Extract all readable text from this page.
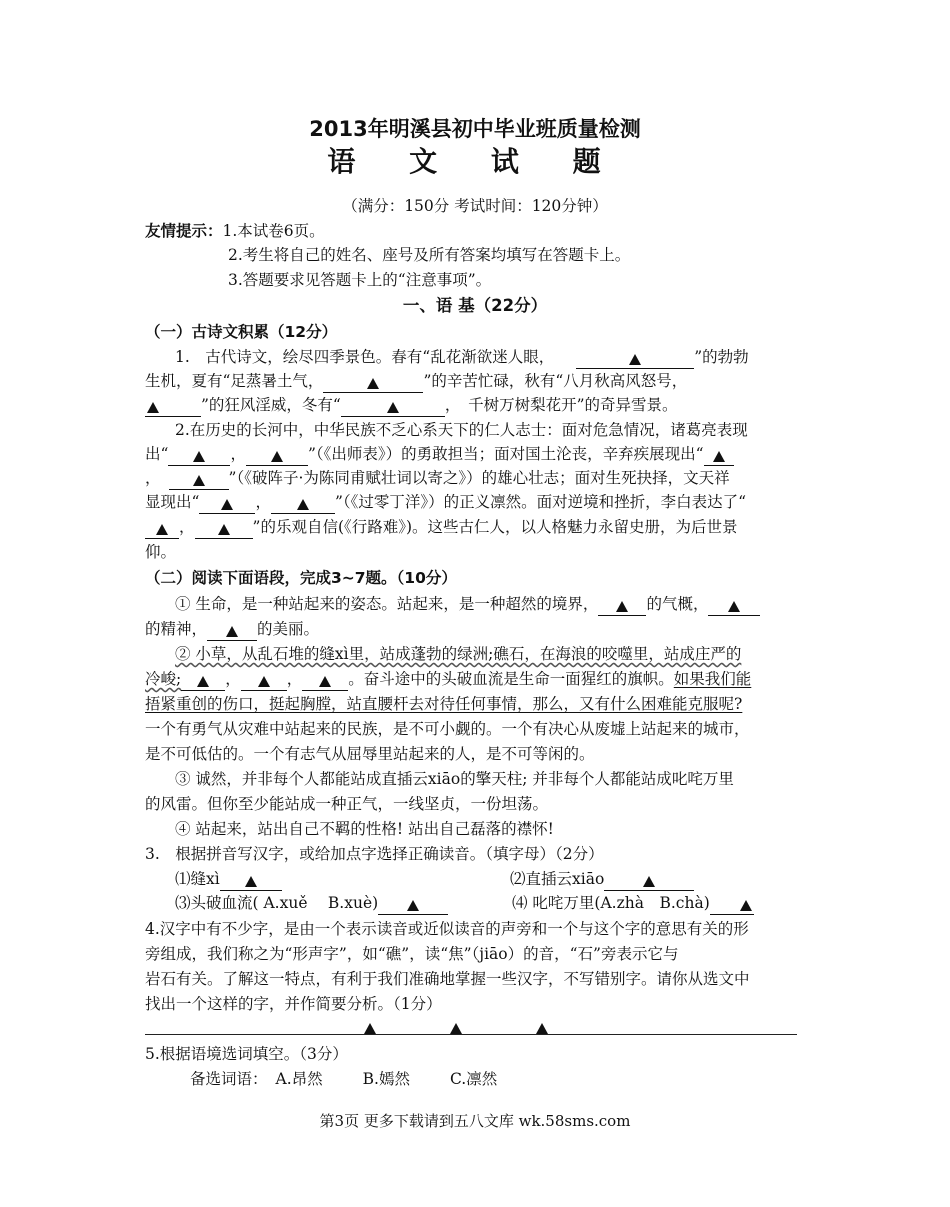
2013年明溪县初中毕业班质量检测
语 文 试 题
（满分：150分 考试时间：120分钟）
友情提示：1.本试卷6页。
2.考生将自己的姓名、座号及所有答案均填写在答题卡上。
3.答题要求见答题卡上的“注意事项”。
一、语 基（22分）
（一）古诗文积累（12分）
1.　古代诗文，绘尽四季景色。春有“乱花渐欲迷人眼，	”的勃勃
生机，夏有“足蒸暑土气，	”的辛苦忙碌，秋有“八月秋高风怒号，
”的狂风淫威，冬有“	，　千树万树梨花开”的奇异雪景。
2.在历史的长河中，中华民族不乏心系天下的仁人志士：面对危急情况，诸葛亮表现
出“	，	”（《出师表》）的勇敢担当；面对国土沦丧，辛弃疾展现出“
，	”（《破阵子·为陈同甫赋壮词以寄之》）的雄心壮志；面对生死抉择，文天祥
显现出“	，	”（《过零丁洋》）的正义凛然。面对逆境和挫折，李白表达了“
，	”的乐观自信(《行路难》)。这些古仁人，以人格魅力永留史册，为后世景
仰。
（二）阅读下面语段，完成3~7题。（10分）
① 生命，是一种站起来的姿态。站起来，是一种超然的境界，	的气概，
的精神，	的美丽。
② 小草，从乱石堆的缝xì里，站成蓬勃的绿洲;礁石，在海浪的咬噬里，站成庄严的
冷峻;	，	，	。奋斗途中的头破血流是生命一面猩红的旗帜。如果我们能
捂紧重创的伤口，挺起胸膛，站直腰杆去对待任何事情，那么，又有什么困难能克服呢?
一个有勇气从灾难中站起来的民族，是不可小觑的。一个有决心从废墟上站起来的城市，
是不可低估的。一个有志气从屈辱里站起来的人，是不可等闲的。
③ 诚然，并非每个人都能站成直插云xiāo的擎天柱; 并非每个人都能站成叱咤万里
的风雷。但你至少能站成一种正气，一线坚贞，一份坦荡。
④ 站起来，站出自己不羁的性格! 站出自己磊落的襟怀!
3.　根据拼音写汉字，或给加点字选择正确读音。（填字母）（2分）
⑴缝xì	⑵直插云xiāo
⑶头破血流( A.xuě　 B.xuè)	⑷ 叱咤万里(A.zhà　B.chà)
4.汉字中有不少字，是由一个表示读音或近似读音的声旁和一个与这个字的意思有关的形
旁组成，我们称之为“形声字”，如“礁”，读“焦”（jiāo）的音，“石”旁表示它与
岩石有关。了解这一特点，有利于我们准确地掌握一些汉字，不写错别字。请你从选文中
找出一个这样的字，并作简要分析。（1分）
5.根据语境选词填空。（3分）
备选词语： A.昂然	B.嫣然	C.凛然
第3页 更多下载请到五八文库 wk.58sms.com
